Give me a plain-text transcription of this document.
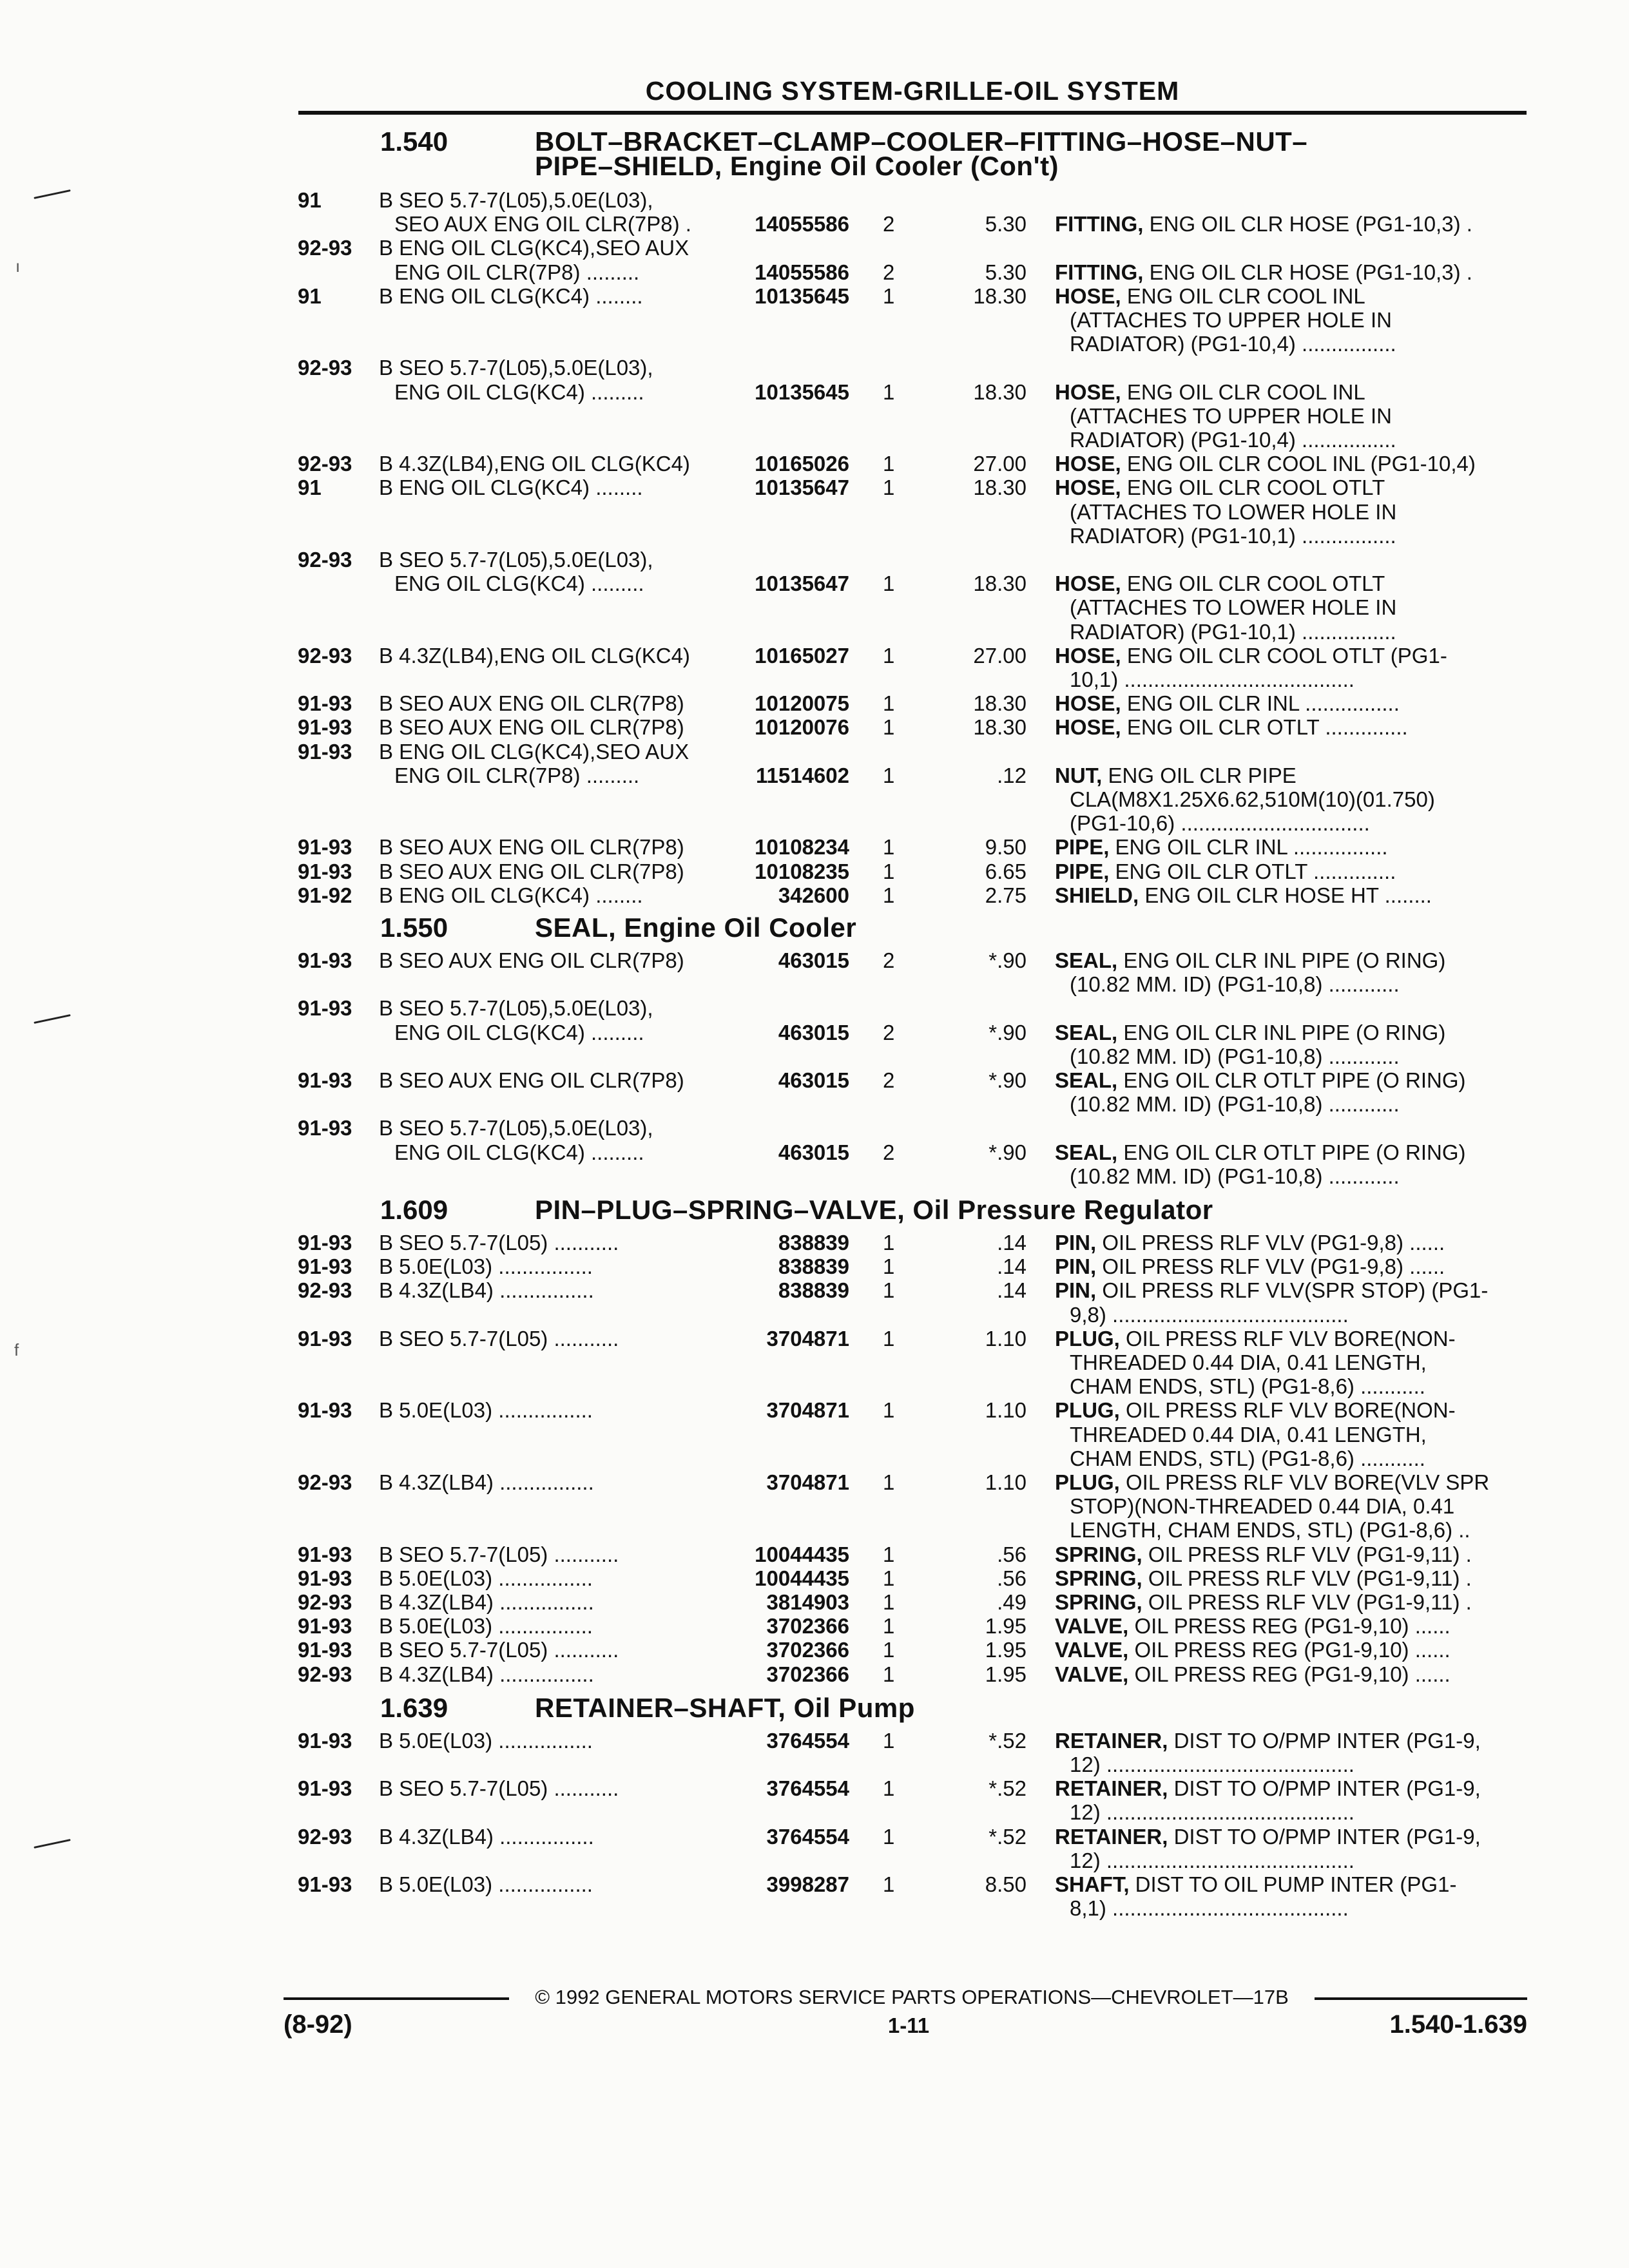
COOLING SYSTEM-GRILLE-OIL SYSTEM
ı
f
1.540	BOLT–BRACKET–CLAMP–COOLER–FITTING–HOSE–NUT–
PIPE–SHIELD, Engine Oil Cooler (Con't)
91	B SEO 5.7-7(L05),5.0E(L03),
SEO AUX ENG OIL CLR(7P8) .	14055586 2	5.30 FITTING, ENG OIL CLR HOSE (PG1-10,3) .
92-93 B ENG OIL CLG(KC4),SEO AUX
ENG OIL CLR(7P8) .........	14055586 2	5.30 FITTING, ENG OIL CLR HOSE (PG1-10,3) .
91	B ENG OIL CLG(KC4) ........	10135645 1	18.30 HOSE, ENG OIL CLR COOL INL
(ATTACHES TO UPPER HOLE IN
RADIATOR) (PG1-10,4) ................
92-93 B SEO 5.7-7(L05),5.0E(L03),
ENG OIL CLG(KC4) .........	10135645 1	18.30 HOSE, ENG OIL CLR COOL INL
(ATTACHES TO UPPER HOLE IN
RADIATOR) (PG1-10,4) ................
92-93 B 4.3Z(LB4),ENG OIL CLG(KC4)	10165026 1	27.00 HOSE, ENG OIL CLR COOL INL (PG1-10,4)
91	B ENG OIL CLG(KC4) ........	10135647 1	18.30 HOSE, ENG OIL CLR COOL OTLT
(ATTACHES TO LOWER HOLE IN
RADIATOR) (PG1-10,1) ................
92-93 B SEO 5.7-7(L05),5.0E(L03),
ENG OIL CLG(KC4) .........	10135647 1	18.30 HOSE, ENG OIL CLR COOL OTLT
(ATTACHES TO LOWER HOLE IN
RADIATOR) (PG1-10,1) ................
92-93 B 4.3Z(LB4),ENG OIL CLG(KC4)	10165027 1	27.00 HOSE, ENG OIL CLR COOL OTLT (PG1-
10,1) .......................................
91-93 B SEO AUX ENG OIL CLR(7P8)	10120075 1	18.30 HOSE, ENG OIL CLR INL ................
91-93 B SEO AUX ENG OIL CLR(7P8)	10120076 1	18.30 HOSE, ENG OIL CLR OTLT ..............
91-93 B ENG OIL CLG(KC4),SEO AUX
ENG OIL CLR(7P8) .........	11514602 1	.12 NUT, ENG OIL CLR PIPE
CLA(M8X1.25X6.62,510M(10)(01.750)
(PG1-10,6) ................................
91-93 B SEO AUX ENG OIL CLR(7P8)	10108234 1	9.50 PIPE, ENG OIL CLR INL ................
91-93 B SEO AUX ENG OIL CLR(7P8)	10108235 1	6.65 PIPE, ENG OIL CLR OTLT ..............
91-92 B ENG OIL CLG(KC4) ........	342600 1	2.75 SHIELD, ENG OIL CLR HOSE HT ........
1.550	SEAL, Engine Oil Cooler
91-93 B SEO AUX ENG OIL CLR(7P8)	463015 2	*.90 SEAL, ENG OIL CLR INL PIPE (O RING)
(10.82 MM. ID) (PG1-10,8) ............
91-93 B SEO 5.7-7(L05),5.0E(L03),
ENG OIL CLG(KC4) .........	463015 2	*.90 SEAL, ENG OIL CLR INL PIPE (O RING)
(10.82 MM. ID) (PG1-10,8) ............
91-93 B SEO AUX ENG OIL CLR(7P8)	463015 2	*.90 SEAL, ENG OIL CLR OTLT PIPE (O RING)
(10.82 MM. ID) (PG1-10,8) ............
91-93 B SEO 5.7-7(L05),5.0E(L03),
ENG OIL CLG(KC4) .........	463015 2	*.90 SEAL, ENG OIL CLR OTLT PIPE (O RING)
(10.82 MM. ID) (PG1-10,8) ............
1.609	PIN–PLUG–SPRING–VALVE, Oil Pressure Regulator
91-93 B SEO 5.7-7(L05) ...........	838839 1	.14 PIN, OIL PRESS RLF VLV (PG1-9,8) ......
91-93 B 5.0E(L03) ................	838839 1	.14 PIN, OIL PRESS RLF VLV (PG1-9,8) ......
92-93 B 4.3Z(LB4) ................	838839 1	.14 PIN, OIL PRESS RLF VLV(SPR STOP) (PG1-
9,8) ........................................
91-93 B SEO 5.7-7(L05) ...........	3704871 1	1.10 PLUG, OIL PRESS RLF VLV BORE(NON-
THREADED 0.44 DIA, 0.41 LENGTH,
CHAM ENDS, STL) (PG1-8,6) ...........
91-93 B 5.0E(L03) ................	3704871 1	1.10 PLUG, OIL PRESS RLF VLV BORE(NON-
THREADED 0.44 DIA, 0.41 LENGTH,
CHAM ENDS, STL) (PG1-8,6) ...........
92-93 B 4.3Z(LB4) ................	3704871 1	1.10 PLUG, OIL PRESS RLF VLV BORE(VLV SPR
STOP)(NON-THREADED 0.44 DIA, 0.41
LENGTH, CHAM ENDS, STL) (PG1-8,6) ..
91-93 B SEO 5.7-7(L05) ...........	10044435 1	.56 SPRING, OIL PRESS RLF VLV (PG1-9,11) .
91-93 B 5.0E(L03) ................	10044435 1	.56 SPRING, OIL PRESS RLF VLV (PG1-9,11) .
92-93 B 4.3Z(LB4) ................	3814903 1	.49 SPRING, OIL PRESS RLF VLV (PG1-9,11) .
91-93 B 5.0E(L03) ................	3702366 1	1.95 VALVE, OIL PRESS REG (PG1-9,10) ......
91-93 B SEO 5.7-7(L05) ...........	3702366 1	1.95 VALVE, OIL PRESS REG (PG1-9,10) ......
92-93 B 4.3Z(LB4) ................	3702366 1	1.95 VALVE, OIL PRESS REG (PG1-9,10) ......
1.639	RETAINER–SHAFT, Oil Pump
91-93 B 5.0E(L03) ................	3764554 1	*.52 RETAINER, DIST TO O/PMP INTER (PG1-9,
12) ..........................................
91-93 B SEO 5.7-7(L05) ...........	3764554 1	*.52 RETAINER, DIST TO O/PMP INTER (PG1-9,
12) ..........................................
92-93 B 4.3Z(LB4) ................	3764554 1	*.52 RETAINER, DIST TO O/PMP INTER (PG1-9,
12) ..........................................
91-93 B 5.0E(L03) ................	3998287 1	8.50 SHAFT, DIST TO OIL PUMP INTER (PG1-
8,1) ........................................
© 1992 GENERAL MOTORS SERVICE PARTS OPERATIONS—CHEVROLET—17B
(8-92)	1-11	1.540-1.639
